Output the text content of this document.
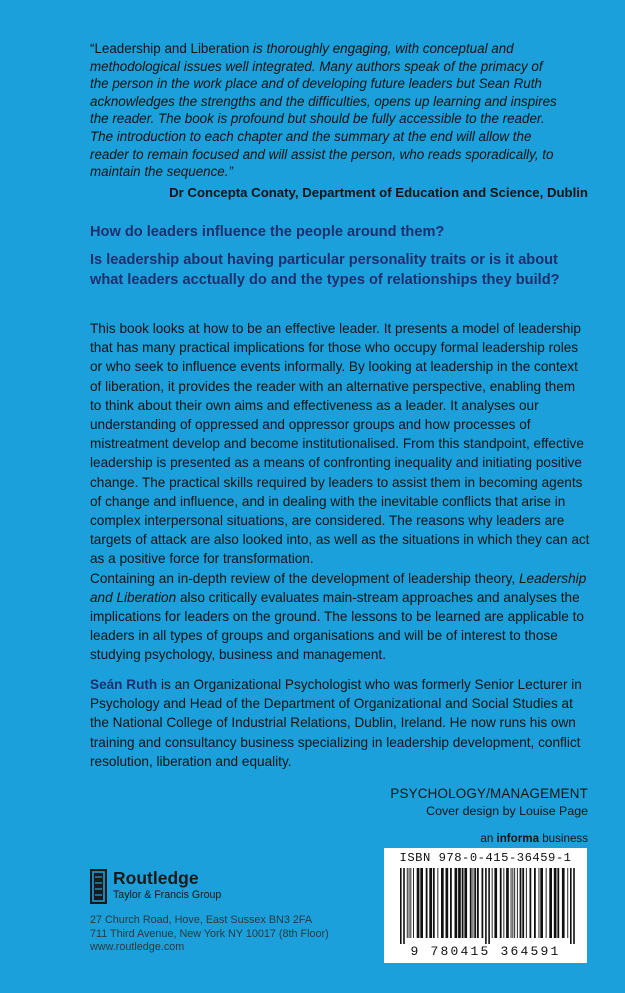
“Leadership and Liberation is thoroughly engaging, with conceptual and methodological issues well integrated. Many authors speak of the primacy of the person in the work place and of developing future leaders but Sean Ruth acknowledges the strengths and the difficulties, opens up learning and inspires the reader. The book is profound but should be fully accessible to the reader. The introduction to each chapter and the summary at the end will allow the reader to remain focused and will assist the person, who reads sporadically, to maintain the sequence.”
Dr Concepta Conaty, Department of Education and Science, Dublin
How do leaders influence the people around them?
Is leadership about having particular personality traits or is it about what leaders acctually do and the types of relationships they build?

This book looks at how to be an effective leader. It presents a model of leadership that has many practical implications for those who occupy formal leadership roles or who seek to influence events informally. By looking at leadership in the context of liberation, it provides the reader with an alternative perspective, enabling them to think about their own aims and effectiveness as a leader. It analyses our understanding of oppressed and oppressor groups and how processes of mistreatment develop and become institutionalised. From this standpoint, effective leadership is presented as a means of confronting inequality and initiating positive change. The practical skills required by leaders to assist them in becoming agents of change and influence, and in dealing with the inevitable conflicts that arise in complex interpersonal situations, are considered. The reasons why leaders are targets of attack are also looked into, as well as the situations in which they can act as a positive force for transformation.

Containing an in-depth review of the development of leadership theory, Leadership and Liberation also critically evaluates main-stream approaches and analyses the implications for leaders on the ground. The lessons to be learned are applicable to leaders in all types of groups and organisations and will be of interest to those studying psychology, business and management.

Seán Ruth is an Organizational Psychologist who was formerly Senior Lecturer in Psychology and Head of the Department of Organizational and Social Studies at the National College of Industrial Relations, Dublin, Ireland. He now runs his own training and consultancy business specializing in leadership development, conflict resolution, liberation and equality.

PSYCHOLOGY/MANAGEMENT
Cover design by Louise Page
an informa business
ISBN 978-0-415-36459-1
9 780415 364591
Routledge
Taylor & Francis Group
27 Church Road, Hove, East Sussex BN3 2FA
711 Third Avenue, New York NY 10017 (8th Floor)
www.routledge.com
